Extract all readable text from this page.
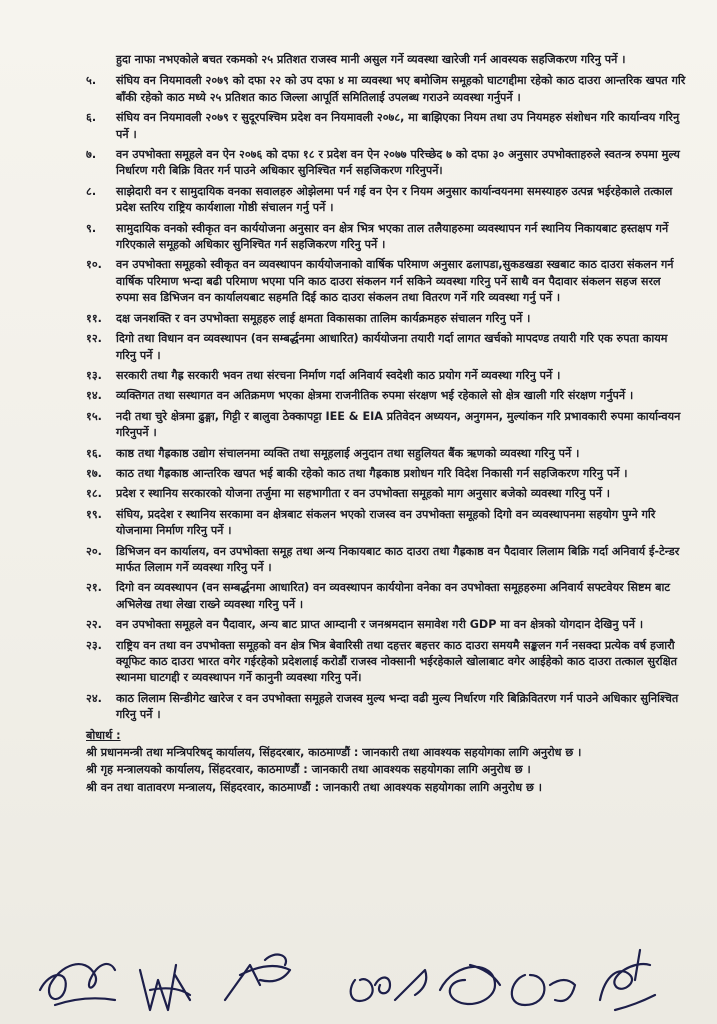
हुदा नाफा नभएकोले बचत रकमको २५ प्रतिशत राजस्व मानी असुल गर्ने व्यवस्था खारेजी गर्न आवस्यक सहजिकरण गरिनु पर्ने ।
५.	संघिय वन नियमावली २०७९ को दफा २२ को उप दफा ४ मा व्यवस्था भए बमोजिम समूहको घाटगद्दीमा रहेको काठ दाउरा आन्तरिक खपत गरि बाँकी रहेको काठ मध्ये २५ प्रतिशत काठ जिल्ला आपूर्ति समितिलाई उपलब्ध गराउने व्यवस्था गर्नुपर्ने ।
६.	संघिय वन नियमावली २०७९ र सुदूरपश्चिम प्रदेश वन नियमावली २०७८, मा बाझिएका नियम तथा उप नियमहरु संशोधन गरि कार्यान्वय गरिनु पर्ने ।
७.	वन उपभोक्ता समूहले वन ऐन २०७६ को दफा १८ र प्रदेश वन ऐन २०७७ परिच्छेद ७ को दफा ३० अनुसार उपभोक्ताहरुले स्वतन्त्र रुपमा मुल्य निर्धारण गरी बिक्रि वितर गर्न पाउने अधिकार सुनिश्चित गर्न सहजिकरण गरिनुपर्ने।
८.	साझेदारी वन र सामुदायिक वनका सवालहरु ओझेलमा पर्न गई वन ऐन र नियम अनुसार कार्यान्वयनमा समस्याहरु उत्पन्न भईरहेकाले तत्काल प्रदेश स्तरिय राष्ट्रिय कार्यशाला गोष्ठी संचालन गर्नु पर्ने ।
९.	सामुदायिक वनको स्वीकृत वन कार्ययोजना अनुसार वन क्षेत्र भित्र भएका ताल तलैयाहरुमा व्यवस्थापन गर्न स्थानिय निकायबाट हस्तक्षप गर्ने गरिएकाले समूहको अधिकार सुनिश्चित गर्न सहजिकरण गरिनु पर्ने ।
१०.	वन उपभोक्ता समूहको स्वीकृत वन व्यवस्थापन कार्ययोजनाको वार्षिक परिमाण अनुसार ढलापडा,सुकडखडा स्खबाट काठ दाउरा संकलन गर्न वार्षिक परिमाण भन्दा बढी परिमाण भएमा पनि काठ दाउरा संकलन गर्न सकिने व्यवस्था गरिनु पर्ने साथै वन पैदावार संकलन सहज सरल रुपमा सव डिभिजन वन कार्यालयबाट सहमति दिई काठ दाउरा संकलन तथा वितरण गर्ने गरि व्यवस्था गर्नु पर्ने ।
११.	दक्ष जनशक्ति र वन उपभोक्ता समूहहरु लाई क्षमता विकासका तालिम कार्यक्रमहरु संचालन गरिनु पर्ने ।
१२.	दिगो तथा विधान वन व्यवस्थापन (वन सम्बर्द्धनमा आधारित) कार्ययोजना तयारी गर्दा लागत खर्चको मापदण्ड तयारी गरि एक रुपता कायम गरिनु पर्ने ।
१३.	सरकारी तथा गैह्र सरकारी भवन तथा संरचना निर्माण गर्दा अनिवार्य स्वदेशी काठ प्रयोग गर्ने व्यवस्था गरिनु पर्ने ।
१४.	व्यक्तिगत तथा सस्थागत वन अतिक्रमण भएका क्षेत्रमा राजनीतिक रुपमा संरक्षण भई रहेकाले सो क्षेत्र खाली गरि संरक्षण गर्नुपर्ने ।
१५.	नदी तथा चुरे क्षेत्रमा ढुङ्गा, गिट्टी र बालुवा ठेक्कापट्टा IEE & EIA प्रतिवेदन अध्ययन, अनुगमन, मुल्यांकन गरि प्रभावकारी रुपमा कार्यान्वयन गरिनुपर्ने ।
१६.	काष्ठ तथा गैह्रकाष्ठ उद्योग संचालनमा व्यक्ति तथा समूहलाई अनुदान तथा सहुलियत बैंक ऋणको व्यवस्था गरिनु पर्ने ।
१७.	काठ तथा गैह्रकाष्ठ आन्तरिक खपत भई बाकी रहेको काठ तथा गैह्रकाष्ठ प्रशोधन गरि विदेश निकासी गर्न सहजिकरण गरिनु पर्ने ।
१८.	प्रदेश र स्थानिय सरकारको योजना तर्जुमा मा सहभागीता र वन उपभोक्ता समूहको माग अनुसार बजेको व्यवस्था गरिनु पर्ने ।
१९.	संघिय, प्रददेश र स्थानिय सरकामा वन क्षेत्रबाट संकलन भएको राजस्व वन उपभोक्ता समूहको दिगो वन व्यवस्थापनमा सहयोग पुग्ने गरि योजनामा निर्माण गरिनु पर्ने ।
२०.	डिभिजन वन कार्यालय, वन उपभोक्ता समूह तथा अन्य निकायबाट काठ दाउरा तथा गैह्रकाष्ठ वन पैदावार लिलाम बिक्रि गर्दा अनिवार्य ई-टेन्डर मार्फत लिलाम गर्ने व्यवस्था गरिनु पर्ने ।
२१.	दिगो वन व्यवस्थापन (वन सम्बर्द्धनमा आधारित) वन व्यवस्थापन कार्ययोना वनेका वन उपभोक्ता समूहहरुमा अनिवार्य सफ्टवेयर सिष्टम बाट अभिलेख तथा लेखा राख्ने व्यवस्था गरिनु पर्ने ।
२२.	वन उपभोक्ता समूहले वन पैदावार, अन्य बाट प्राप्त आम्दानी र जनश्रमदान समावेश गरी GDP मा वन क्षेत्रको योगदान देखिनु पर्ने ।
२३.	राष्ट्रिय वन तथा वन उपभोक्ता समूहको वन क्षेत्र भित्र बेवारिसी तथा दहत्तर बहत्तर काठ दाउरा समयमै सङ्कलन गर्न नसक्दा प्रत्येक वर्ष हजारौ क्यूफिट काठ दाउरा भारत वगेर गईरहेको प्रदेशलाई करोडौं राजस्व नोक्सानी भईरहेकाले खोलाबाट वगेर आईहेको काठ दाउरा तत्काल सुरक्षित स्थानमा घाटगद्दी र व्यवस्थापन गर्ने कानुनी व्यवस्था गरिनु पर्ने।
२४.	काठ लिलाम सिन्डीगेट खारेज र वन उपभोक्ता समूहले राजस्व मुल्य भन्दा वढी मुल्य निर्धारण गरि बिक्रिवितरण गर्न पाउने अधिकार सुनिश्चित गरिनु पर्ने ।
बोधार्थ :
श्री प्रधानमन्त्री तथा मन्त्रिपरिषद् कार्यालय, सिंहदरबार, काठमाण्डौं : जानकारी तथा आवश्यक सहयोगका लागि अनुरोध छ ।
श्री गृह मन्त्रालयको कार्यालय, सिंहदरवार, काठमाण्डौं : जानकारी तथा आवश्यक सहयोगका लागि अनुरोध छ ।
श्री वन तथा वातावरण मन्त्रालय, सिंहदरवार, काठमाण्डौं : जानकारी तथा आवश्यक सहयोगका लागि अनुरोध छ ।
